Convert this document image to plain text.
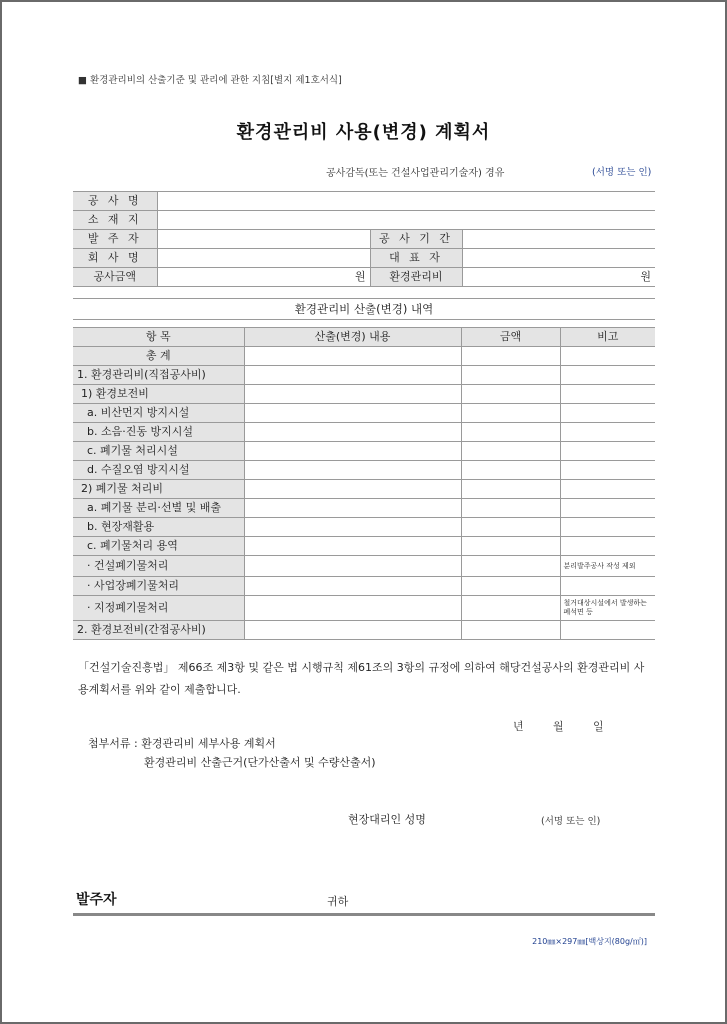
■ 환경관리비의 산출기준 및 관리에 관한 지침[별지 제1호서식]
환경관리비 사용(변경) 계획서
공사감독(또는 건설사업관리기술자) 경유	(서명 또는 인)
공 사 명			
소 재 지			
발 주 자		공 사 기 간	
회 사 명		대 표 자	
공사금액	원	환경관리비	원
환경관리비 산출(변경) 내역
항 목	산출(변경) 내용	금액	비고
총 계			
1. 환경관리비(직접공사비)			
1) 환경보전비			
a. 비산먼지 방지시설			
b. 소음·진동 방지시설			
c. 폐기물 처리시설			
d. 수질오염 방지시설			
2) 폐기물 처리비			
a. 폐기물 분리·선별 및 배출			
b. 현장재활용			
c. 폐기물처리 용역			
· 건설폐기물처리			분리발주공사 작성 제외
· 사업장폐기물처리			
· 지정폐기물처리			철거대상시설에서 발생하는 폐석면 등
2. 환경보전비(간접공사비)			
「건설기술진흥법」 제66조 제3항 및 같은 법 시행규칙 제61조의 3항의 규정에 의하여 해당건설공사의 환경관리비 사용계획서를 위와 같이 제출합니다.
년	월	일
첨부서류 : 환경관리비 세부사용 계획서
환경관리비 산출근거(단가산출서 및 수량산출서)
현장대리인 성명	(서명 또는 인)
발주자	귀하
210㎜×297㎜[백상지(80g/㎡)]
